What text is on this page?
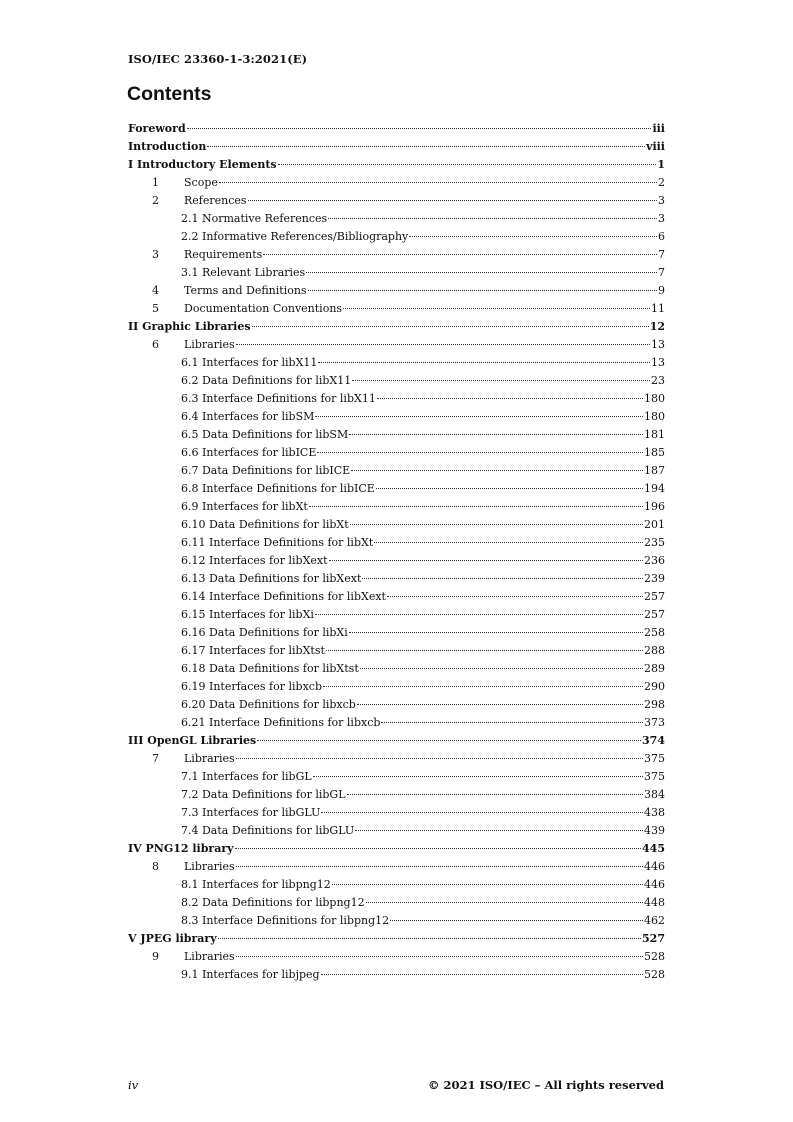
ISO/IEC 23360-1-3:2021(E)
Contents
Foreword	iii
Introduction	viii
I Introductory Elements	1
1	Scope	2
2	References	3
2.1 Normative References	3
2.2 Informative References/Bibliography	6
3	Requirements	7
3.1 Relevant Libraries	7
4	Terms and Definitions	9
5	Documentation Conventions	11
II Graphic Libraries	12
6	Libraries	13
6.1 Interfaces for libX11	13
6.2 Data Definitions for libX11	23
6.3 Interface Definitions for libX11	180
6.4 Interfaces for libSM	180
6.5 Data Definitions for libSM	181
6.6 Interfaces for libICE	185
6.7 Data Definitions for libICE	187
6.8 Interface Definitions for libICE	194
6.9 Interfaces for libXt	196
6.10 Data Definitions for libXt	201
6.11 Interface Definitions for libXt	235
6.12 Interfaces for libXext	236
6.13 Data Definitions for libXext	239
6.14 Interface Definitions for libXext	257
6.15 Interfaces for libXi	257
6.16 Data Definitions for libXi	258
6.17 Interfaces for libXtst	288
6.18 Data Definitions for libXtst	289
6.19 Interfaces for libxcb	290
6.20 Data Definitions for libxcb	298
6.21 Interface Definitions for libxcb	373
III OpenGL Libraries	374
7	Libraries	375
7.1 Interfaces for libGL	375
7.2 Data Definitions for libGL	384
7.3 Interfaces for libGLU	438
7.4 Data Definitions for libGLU	439
IV PNG12 library	445
8	Libraries	446
8.1 Interfaces for libpng12	446
8.2 Data Definitions for libpng12	448
8.3 Interface Definitions for libpng12	462
V JPEG library	527
9	Libraries	528
9.1 Interfaces for libjpeg	528
iv	© 2021 ISO/IEC – All rights reserved
